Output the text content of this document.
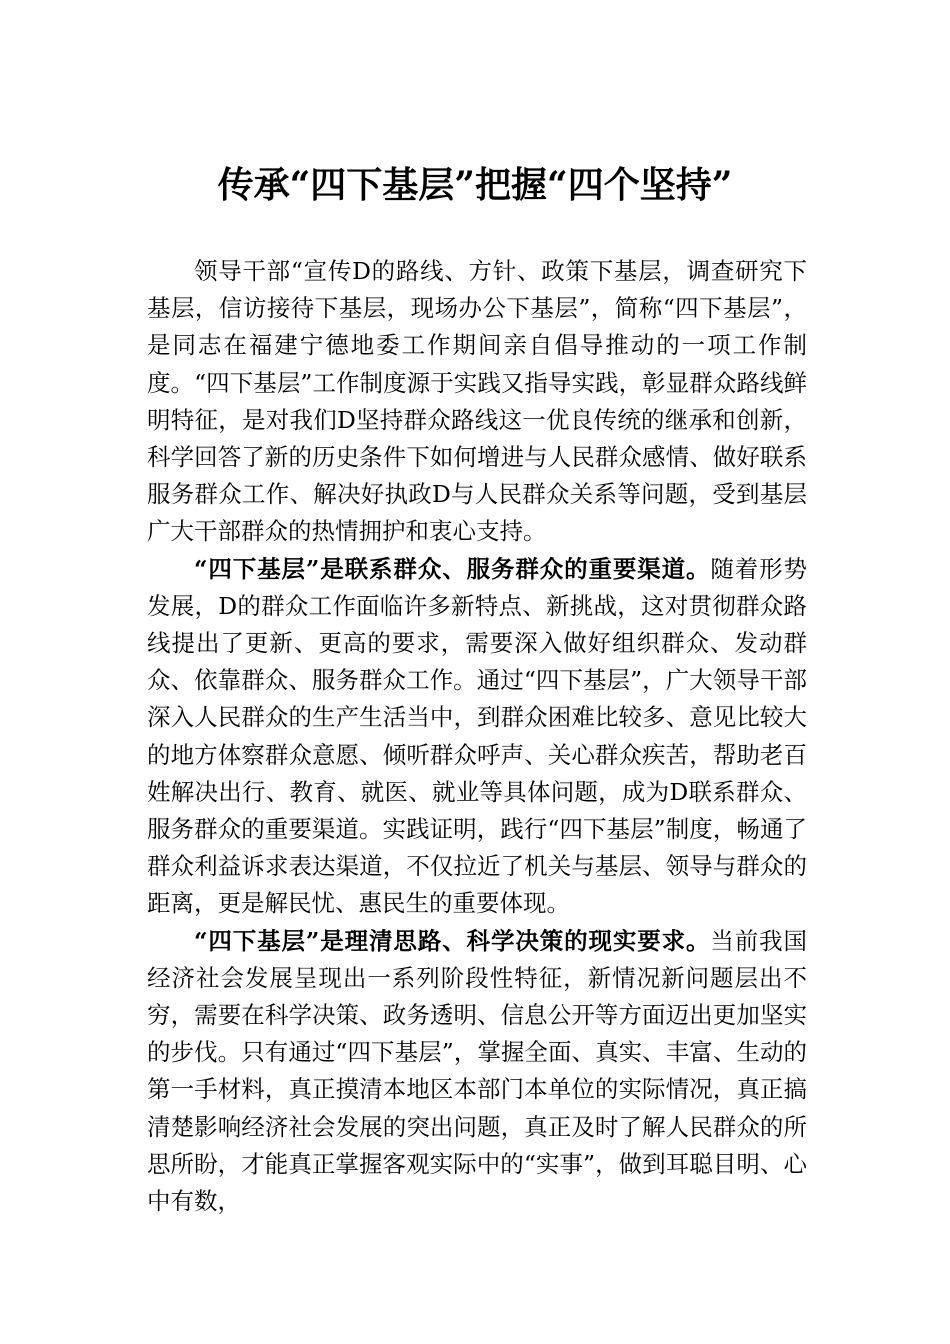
传承“四下基层”把握“四个坚持”

领导干部“宣传D的路线、方针、政策下基层，调查研究下基层，信访接待下基层，现场办公下基层”，简称“四下基层”，是同志在福建宁德地委工作期间亲自倡导推动的一项工作制度。“四下基层”工作制度源于实践又指导实践，彰显群众路线鲜明特征，是对我们D坚持群众路线这一优良传统的继承和创新，科学回答了新的历史条件下如何增进与人民群众感情、做好联系服务群众工作、解决好执政D与人民群众关系等问题，受到基层广大干部群众的热情拥护和衷心支持。

“四下基层”是联系群众、服务群众的重要渠道。随着形势发展，D的群众工作面临许多新特点、新挑战，这对贯彻群众路线提出了更新、更高的要求，需要深入做好组织群众、发动群众、依靠群众、服务群众工作。通过“四下基层”，广大领导干部深入人民群众的生产生活当中，到群众困难比较多、意见比较大的地方体察群众意愿、倾听群众呼声、关心群众疾苦，帮助老百姓解决出行、教育、就医、就业等具体问题，成为D联系群众、服务群众的重要渠道。实践证明，践行“四下基层”制度，畅通了群众利益诉求表达渠道，不仅拉近了机关与基层、领导与群众的距离，更是解民忧、惠民生的重要体现。

“四下基层”是理清思路、科学决策的现实要求。当前我国经济社会发展呈现出一系列阶段性特征，新情况新问题层出不穷，需要在科学决策、政务透明、信息公开等方面迈出更加坚实的步伐。只有通过“四下基层”，掌握全面、真实、丰富、生动的第一手材料，真正摸清本地区本部门本单位的实际情况，真正搞清楚影响经济社会发展的突出问题，真正及时了解人民群众的所思所盼，才能真正掌握客观实际中的“实事”，做到耳聪目明、心中有数，
